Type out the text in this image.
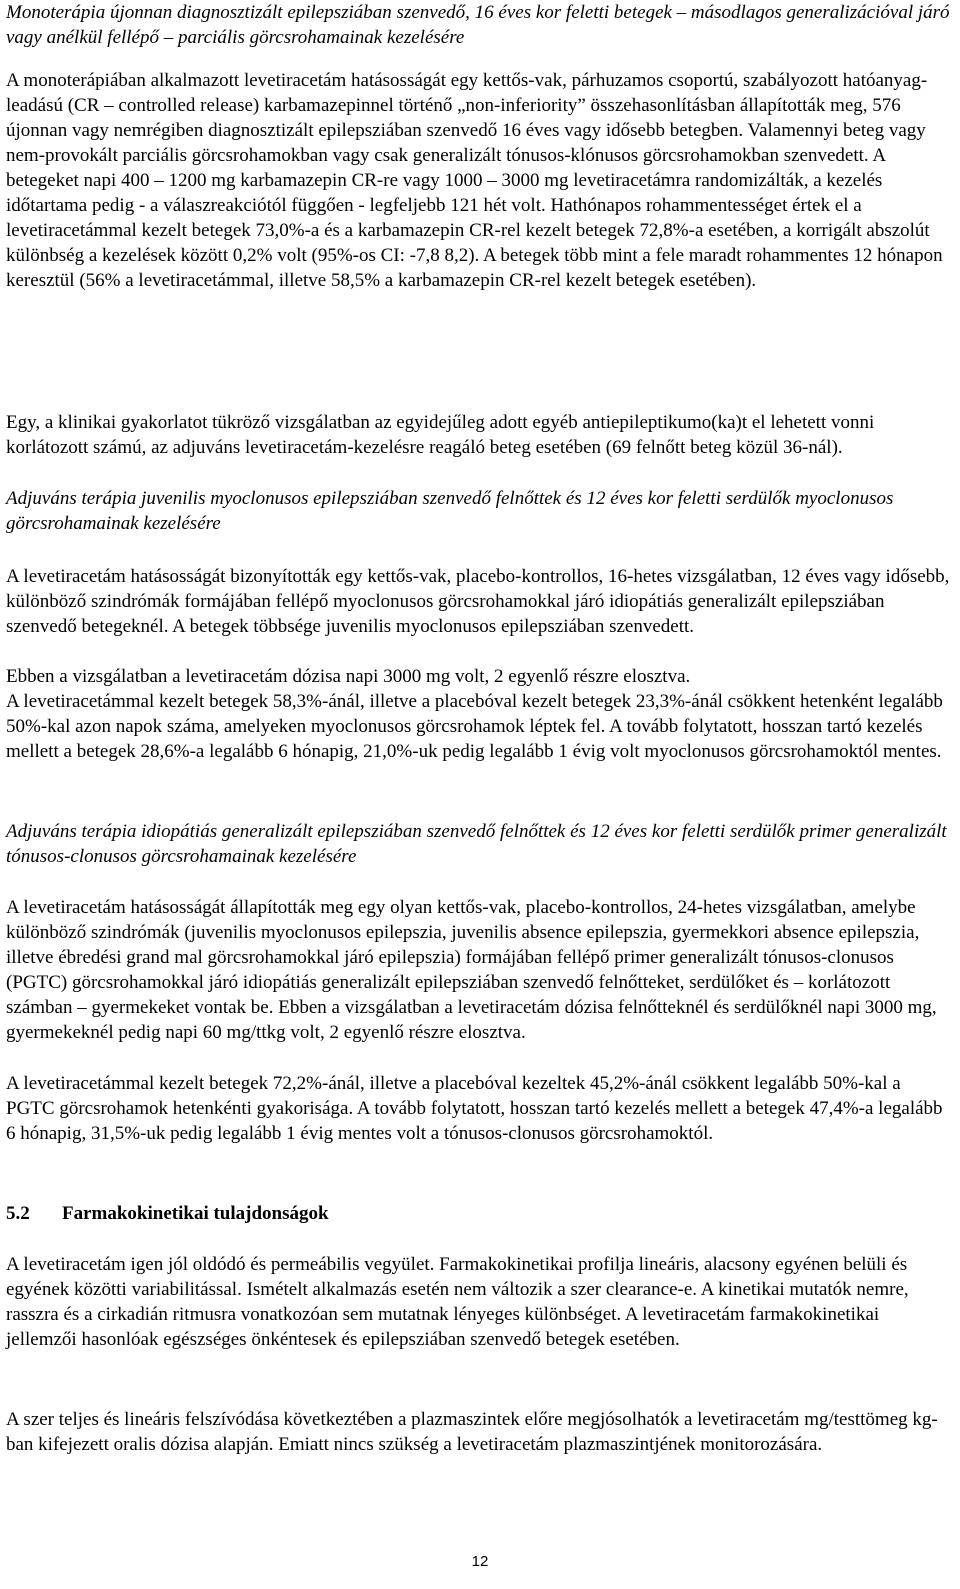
Monoterápia újonnan diagnosztizált epilepsziában szenvedő, 16 éves kor feletti betegek – másodlagos generalizációval járó vagy anélkül fellépő – parciális görcsrohamainak kezelésére

A monoterápiában alkalmazott levetiracetám hatásosságát egy kettős-vak, párhuzamos csoportú, szabályozott hatóanyag-leadású (CR – controlled release) karbamazepinnel történő „non-inferiority” összehasonlításban állapították meg, 576 újonnan vagy nemrégiben diagnosztizált epilepsziában szenvedő 16 éves vagy idősebb betegben. Valamennyi beteg vagy nem-provokált parciális görcsrohamokban vagy csak generalizált tónusos-klónusos görcsrohamokban szenvedett. A betegeket napi 400 – 1200 mg karbamazepin CR-re vagy 1000 – 3000 mg levetiracetámra randomizálták, a kezelés időtartama pedig - a válaszreakciótól függően - legfeljebb 121 hét volt. Hathónapos rohammentességet értek el a levetiracetámmal kezelt betegek 73,0%-a és a karbamazepin CR-rel kezelt betegek 72,8%-a esetében, a korrigált abszolút különbség a kezelések között 0,2% volt (95%-os CI: -7,8 8,2). A betegek több mint a fele maradt rohammentes 12 hónapon keresztül (56% a levetiracetámmal, illetve 58,5% a karbamazepin CR-rel kezelt betegek esetében).

Egy, a klinikai gyakorlatot tükröző vizsgálatban az egyidejűleg adott egyéb antiepileptikumo(ka)t el lehetett vonni korlátozott számú, az adjuváns levetiracetám-kezelésre reagáló beteg esetében (69 felnőtt beteg közül 36-nál).

Adjuváns terápia juvenilis myoclonusos epilepsziában szenvedő felnőttek és 12 éves kor feletti serdülők myoclonusos görcsrohamainak kezelésére

A levetiracetám hatásosságát bizonyították egy kettős-vak, placebo-kontrollos, 16-hetes vizsgálatban, 12 éves vagy idősebb, különböző szindrómák formájában fellépő myoclonusos görcsrohamokkal járó idiopátiás generalizált epilepsziában szenvedő betegeknél. A betegek többsége juvenilis myoclonusos epilepsziában szenvedett.

Ebben a vizsgálatban a levetiracetám dózisa napi 3000 mg volt, 2 egyenlő részre elosztva.

A levetiracetámmal kezelt betegek 58,3%-ánál, illetve a placebóval kezelt betegek 23,3%-ánál csökkent hetenként legalább 50%-kal azon napok száma, amelyeken myoclonusos görcsrohamok léptek fel. A tovább folytatott, hosszan tartó kezelés mellett a betegek 28,6%-a legalább 6 hónapig, 21,0%-uk pedig legalább 1 évig volt myoclonusos görcsrohamoktól mentes.

Adjuváns terápia idiopátiás generalizált epilepsziában szenvedő felnőttek és 12 éves kor feletti serdülők primer generalizált tónusos-clonusos görcsrohamainak kezelésére

A levetiracetám hatásosságát állapították meg egy olyan kettős-vak, placebo-kontrollos, 24-hetes vizsgálatban, amelybe különböző szindrómák (juvenilis myoclonusos epilepszia, juvenilis absence epilepszia, gyermekkori absence epilepszia, illetve ébredési grand mal görcsrohamokkal járó epilepszia) formájában fellépő primer generalizált tónusos-clonusos (PGTC) görcsrohamokkal járó idiopátiás generalizált epilepsziában szenvedő felnőtteket, serdülőket és – korlátozott számban – gyermekeket vontak be. Ebben a vizsgálatban a levetiracetám dózisa felnőtteknél és serdülőknél napi 3000 mg, gyermekeknél pedig napi 60 mg/ttkg volt, 2 egyenlő részre elosztva.

A levetiracetámmal kezelt betegek 72,2%-ánál, illetve a placebóval kezeltek 45,2%-ánál csökkent legalább 50%-kal a PGTC görcsrohamok hetenkénti gyakorisága. A tovább folytatott, hosszan tartó kezelés mellett a betegek 47,4%-a legalább 6 hónapig, 31,5%-uk pedig legalább 1 évig mentes volt a tónusos-clonusos görcsrohamoktól.

5.2 Farmakokinetikai tulajdonságok

A levetiracetám igen jól oldódó és permeábilis vegyület. Farmakokinetikai profilja lineáris, alacsony egyénen belüli és egyének közötti variabilitással. Ismételt alkalmazás esetén nem változik a szer clearance-e. A kinetikai mutatók nemre, rasszra és a cirkadián ritmusra vonatkozóan sem mutatnak lényeges különbséget. A levetiracetám farmakokinetikai jellemzői hasonlóak egészséges önkéntesek és epilepsziában szenvedő betegek esetében.

A szer teljes és lineáris felszívódása következtében a plazmaszintek előre megjósolhatók a levetiracetám mg/testtömeg kg-ban kifejezett oralis dózisa alapján. Emiatt nincs szükség a levetiracetám plazmaszintjének monitorozására.

12
